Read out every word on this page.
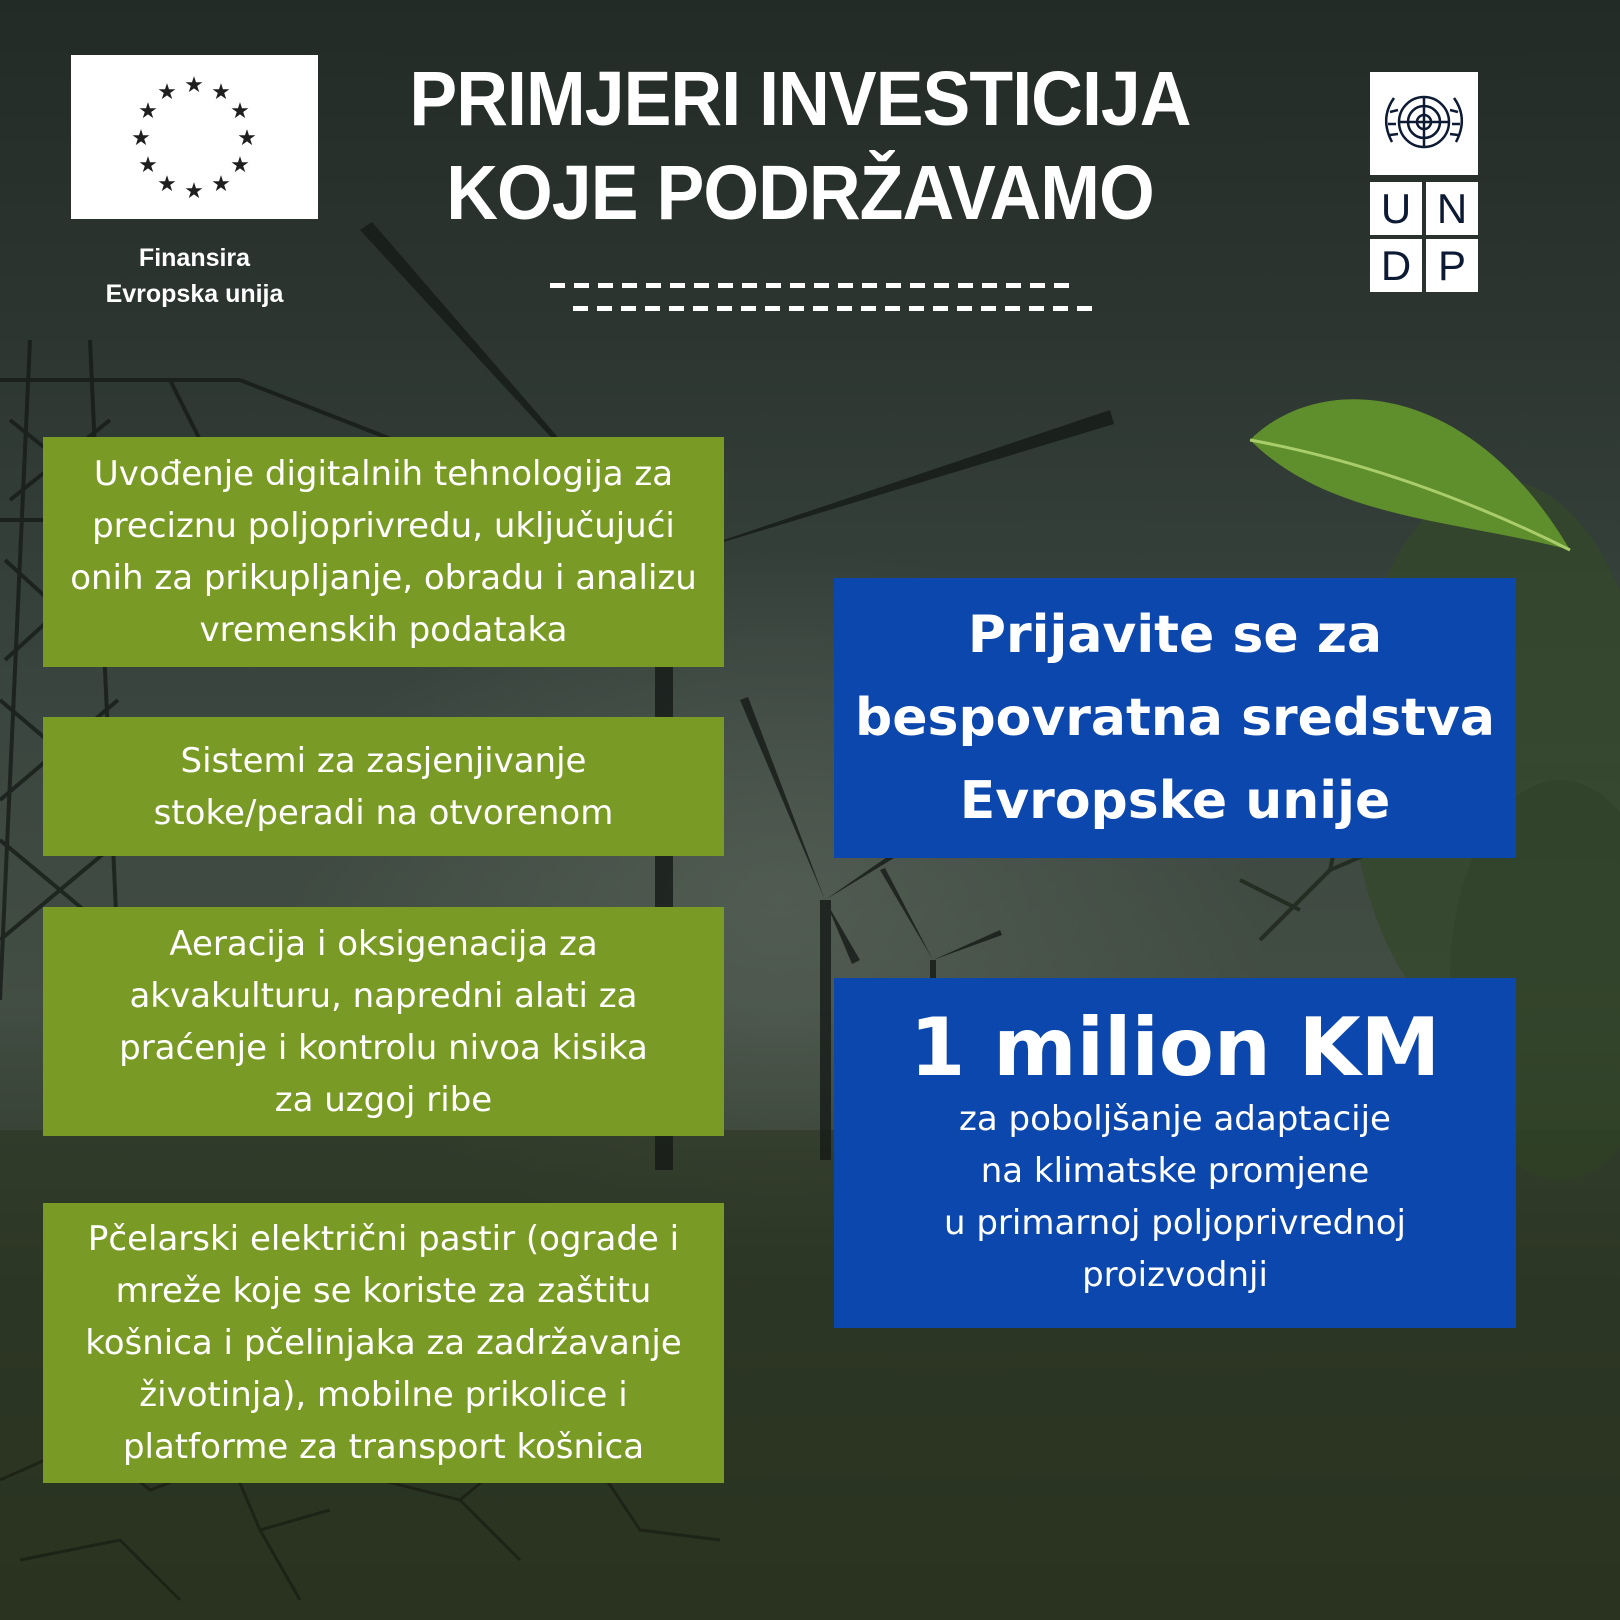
★ ★
★
★
★
★
★
★
★
★
★
★
Finansira
Evropska unija
PRIMJERI INVESTICIJA
KOJE PODRŽAVAMO	U N
D P
Uvođenje digitalnih tehnologija za
preciznu poljoprivredu, uključujući
onih za prikupljanje, obradu i analizu
vremenskih podataka
Sistemi za zasjenjivanje
stoke/peradi na otvorenom
Aeracija i oksigenacija za
akvakulturu, napredni alati za
praćenje i kontrolu nivoa kisika
za uzgoj ribe
Pčelarski električni pastir (ograde i
mreže koje se koriste za zaštitu
košnica i pčelinjaka za zadržavanje
životinja), mobilne prikolice i
platforme za transport košnica
Prijavite se za
bespovratna sredstva
Evropske unije
1 milion KM
za poboljšanje adaptacije
na klimatske promjene
u primarnoj poljoprivrednoj
proizvodnji
